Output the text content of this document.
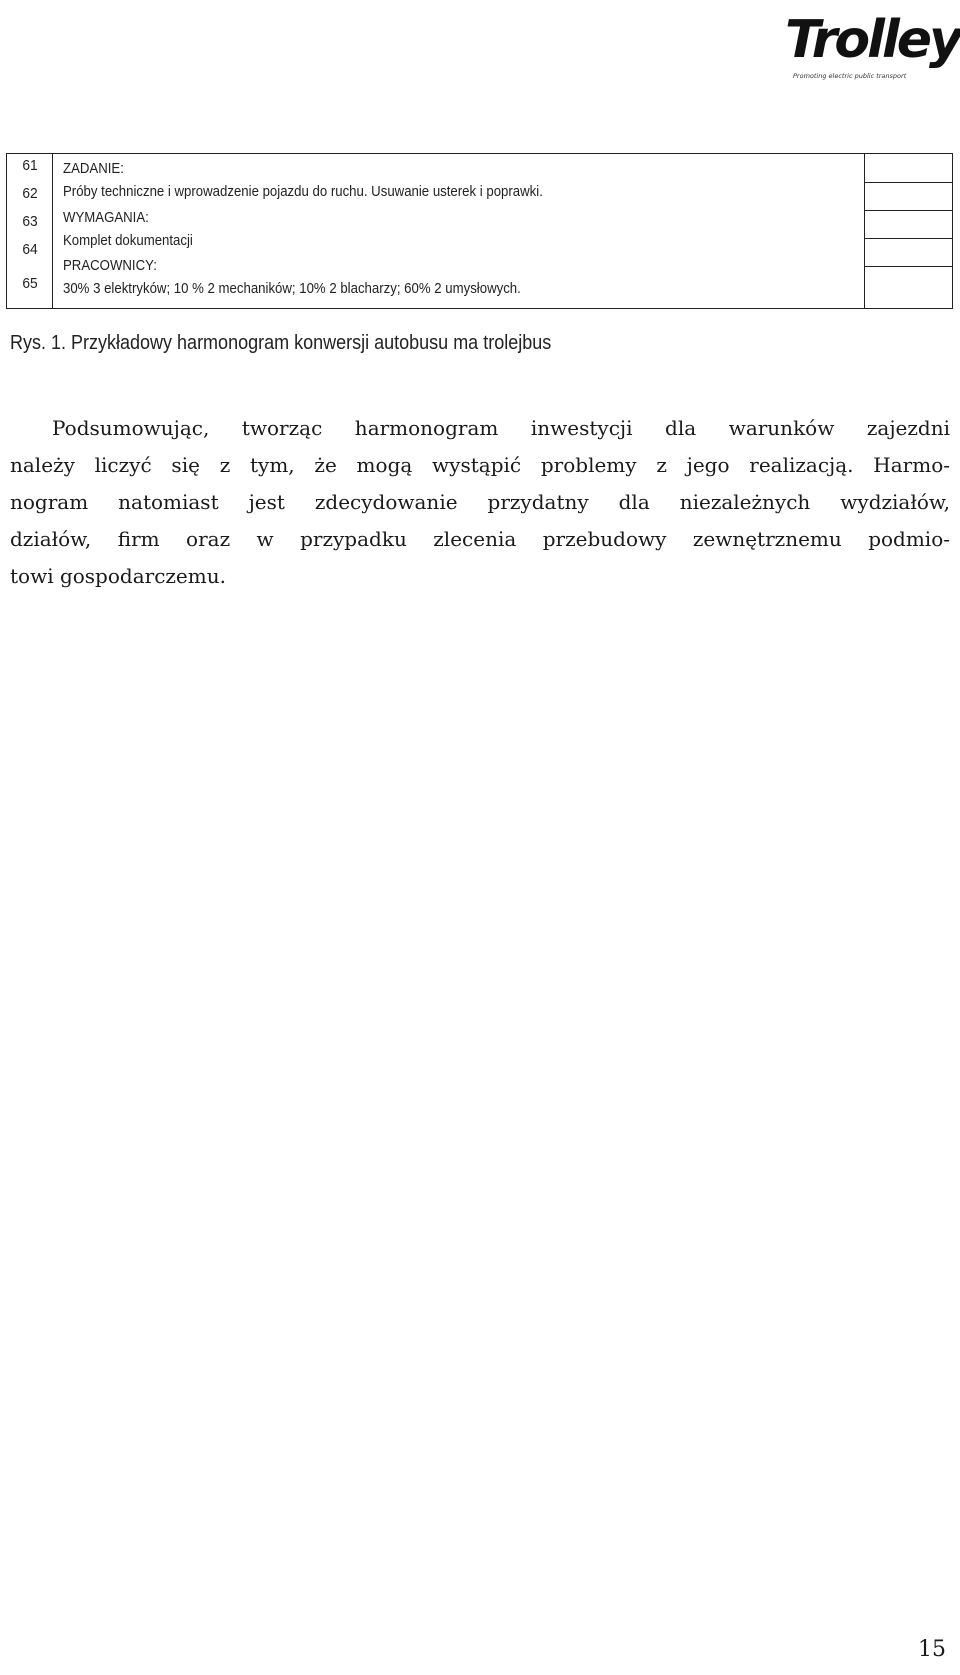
Trolley
Promoting electric public transport
61
62
63
64
65
ZADANIE:
Próby techniczne i wprowadzenie pojazdu do ruchu. Usuwanie usterek i poprawki.
WYMAGANIA:
Komplet dokumentacji
PRACOWNICY:
30% 3 elektryków; 10 % 2 mechaników; 10% 2 blacharzy; 60% 2 umysłowych.
Rys. 1. Przykładowy harmonogram konwersji autobusu ma trolejbus
Podsumowując, tworząc harmonogram inwestycji dla warunków zajezdni
należy liczyć się z tym, że mogą wystąpić problemy z jego realizacją. Harmo-
nogram natomiast jest zdecydowanie przydatny dla niezależnych wydziałów,
działów, firm oraz w przypadku zlecenia przebudowy zewnętrznemu podmio-
towi gospodarczemu.
15
